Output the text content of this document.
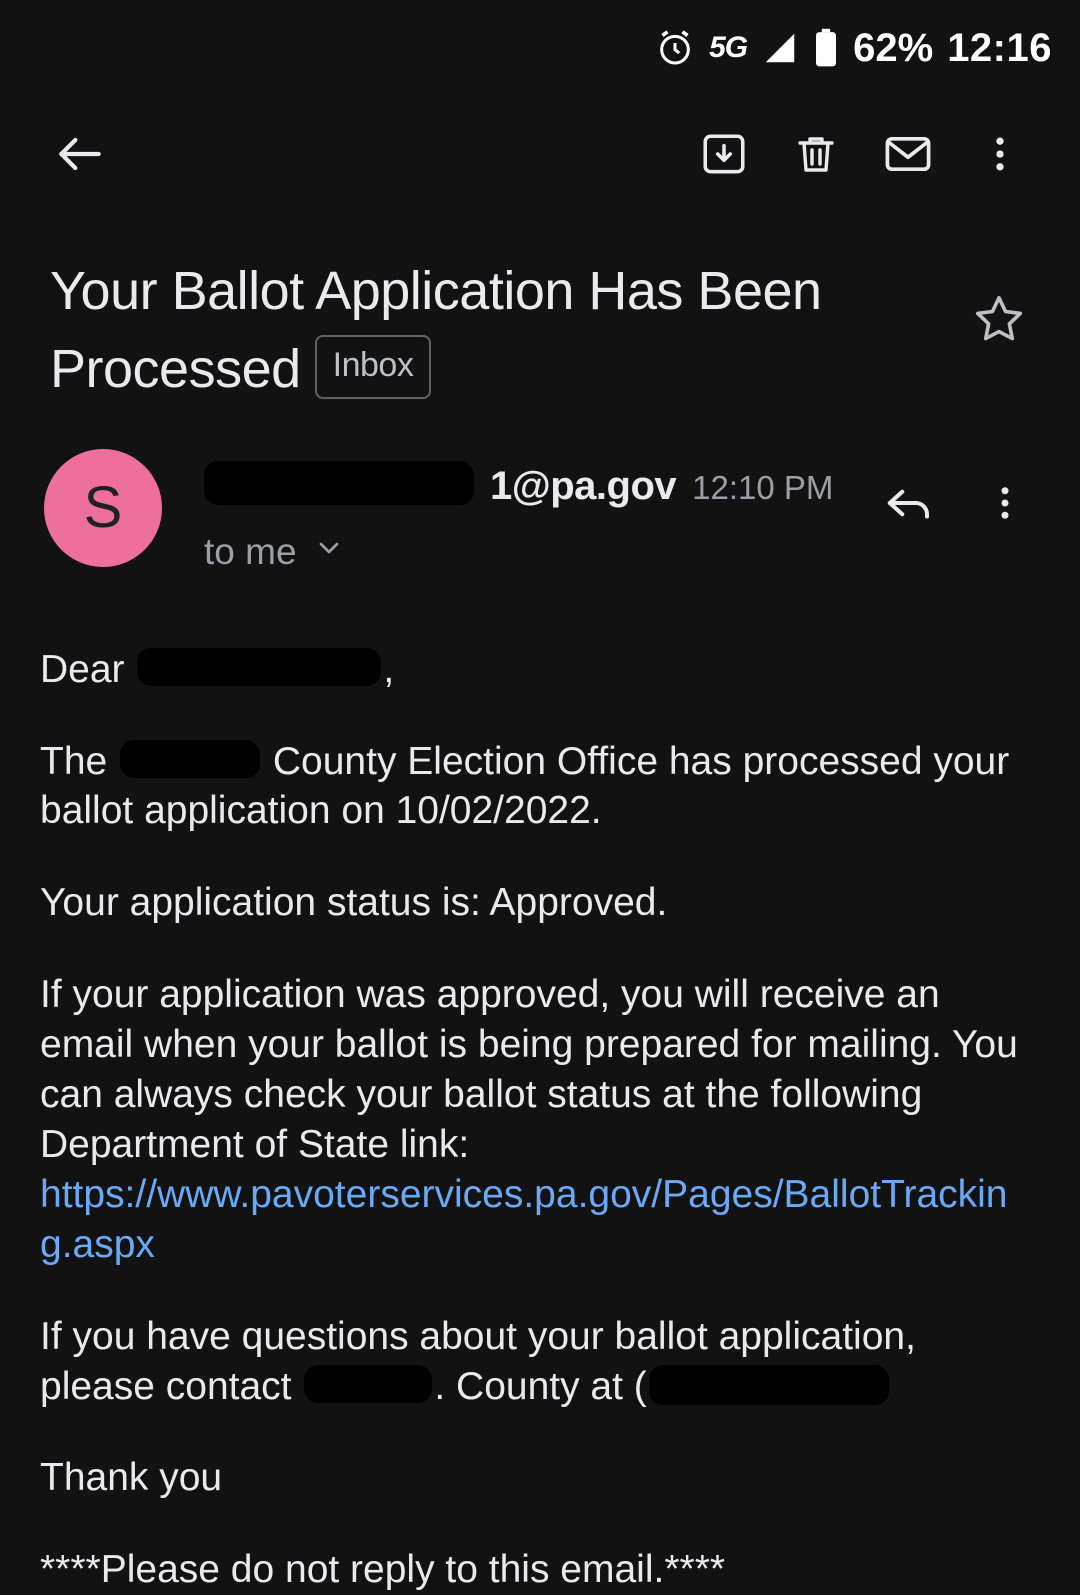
5G	62% 12:16
Your Ballot Application Has Been Processed Inbox
S	1@pa.gov 12:10 PM
to me

Dear	,

The	County Election Office has processed your ballot application on 10/02/2022.

Your application status is: Approved.

If your application was approved, you will receive an email when your ballot is being prepared for mailing. You can always check your ballot status at the following Department of State link:
https://www.pavoterservices.pa.gov/Pages/BallotTracking.aspx

If you have questions about your ballot application, please contact	. County at (

Thank you

****Please do not reply to this email.****
